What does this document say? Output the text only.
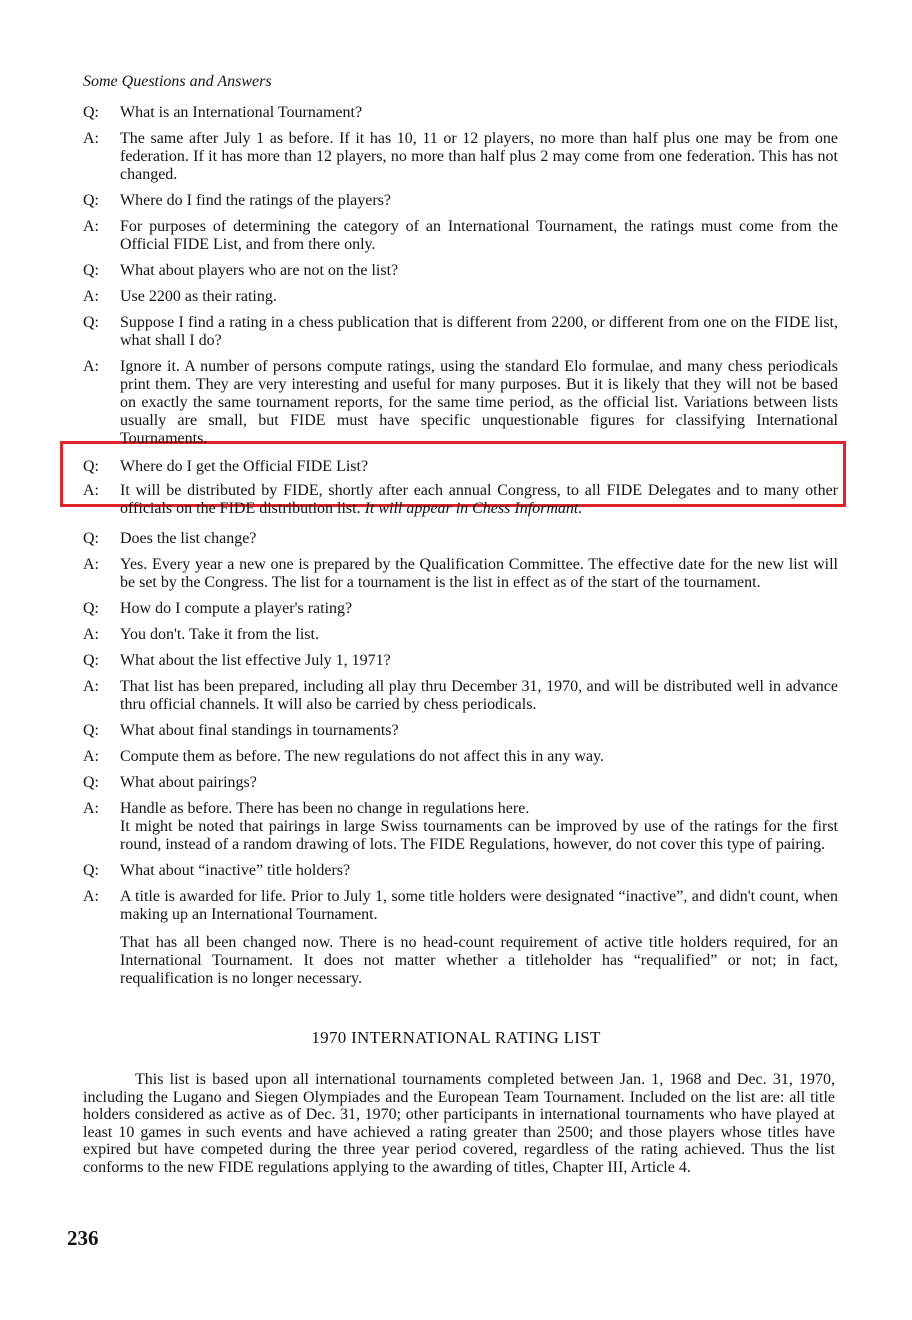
Some Questions and Answers
Q:	What is an International Tournament?
A:	The same after July 1 as before. If it has 10, 11 or 12 players, no more than half plus one may be from one federation. If it has more than 12 players, no more than half plus 2 may come from one federation. This has not changed.
Q:	Where do I find the ratings of the players?
A:	For purposes of determining the category of an International Tournament, the ratings must come from the Official FIDE List, and from there only.
Q:	What about players who are not on the list?
A:	Use 2200 as their rating.
Q:	Suppose I find a rating in a chess publication that is different from 2200, or different from one on the FIDE list, what shall I do?
A:	Ignore it. A number of persons compute ratings, using the standard Elo formulae, and many chess periodicals print them. They are very interesting and useful for many purposes. But it is likely that they will not be based on exactly the same tournament reports, for the same time period, as the official list. Variations between lists usually are small, but FIDE must have specific unquestionable figures for classifying International Tournaments.
Q:	Where do I get the Official FIDE List?
A:	It will be distributed by FIDE, shortly after each annual Congress, to all FIDE Delegates and to many other officials on the FIDE distribution list. It will appear in Chess Informant.
Q:	Does the list change?
A:	Yes. Every year a new one is prepared by the Qualification Committee. The effective date for the new list will be set by the Congress. The list for a tournament is the list in effect as of the start of the tournament.
Q:	How do I compute a player's rating?
A:	You don't. Take it from the list.
Q:	What about the list effective July 1, 1971?
A:	That list has been prepared, including all play thru December 31, 1970, and will be distributed well in advance thru official channels. It will also be carried by chess periodicals.
Q:	What about final standings in tournaments?
A:	Compute them as before. The new regulations do not affect this in any way.
Q:	What about pairings?
A:	Handle as before. There has been no change in regulations here.
It might be noted that pairings in large Swiss tournaments can be improved by use of the ratings for the first round, instead of a random drawing of lots. The FIDE Regulations, however, do not cover this type of pairing.
Q:	What about “inactive” title holders?
A:	A title is awarded for life. Prior to July 1, some title holders were designated “inactive”, and didn't count, when making up an International Tournament.
That has all been changed now. There is no head-count requirement of active title holders required, for an International Tournament. It does not matter whether a titleholder has “requalified” or not; in fact, requalification is no longer necessary.
1970 INTERNATIONAL RATING LIST
This list is based upon all international tournaments completed between Jan. 1, 1968 and Dec. 31, 1970, including the Lugano and Siegen Olympiades and the European Team Tournament. Included on the list are: all title holders considered as active as of Dec. 31, 1970; other participants in international tournaments who have played at least 10 games in such events and have achieved a rating greater than 2500; and those players whose titles have expired but have competed during the three year period covered, regardless of the rating achieved. Thus the list conforms to the new FIDE regulations applying to the awarding of titles, Chapter III, Article 4.
236
